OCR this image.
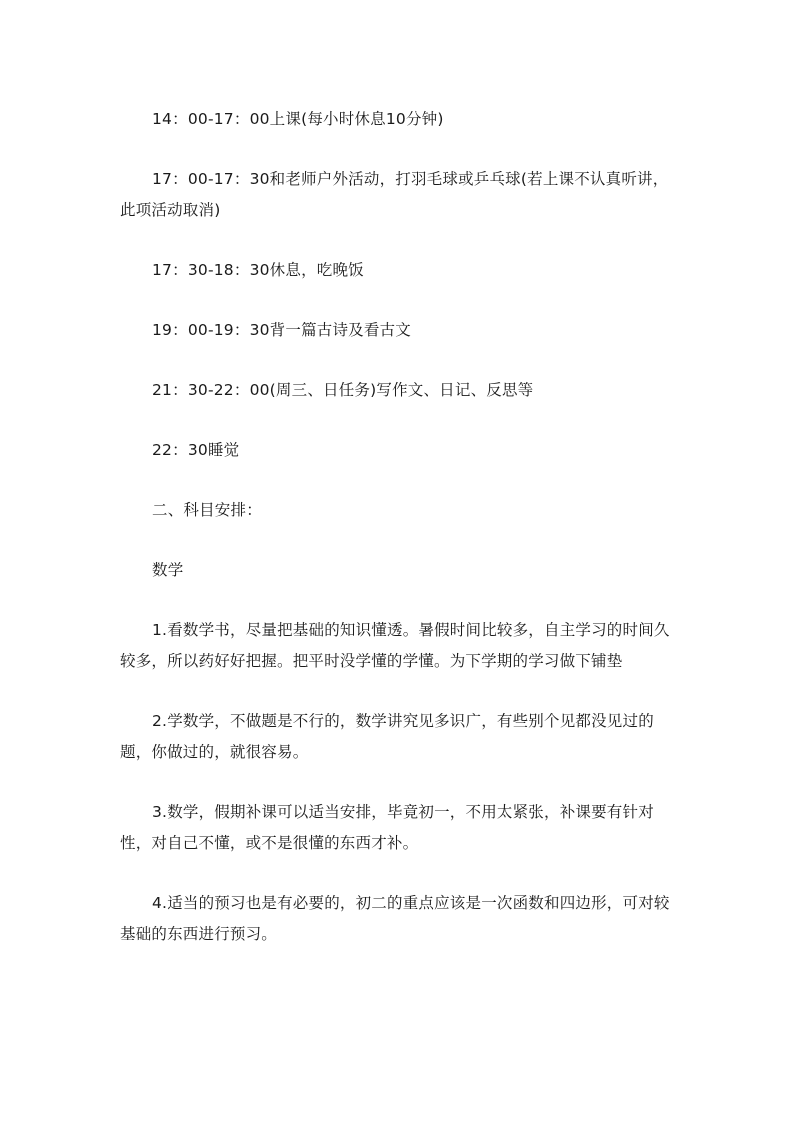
14：00-17：00上课(每小时休息10分钟)

17：00-17：30和老师户外活动，打羽毛球或乒乓球(若上课不认真听讲，此项活动取消)

17：30-18：30休息，吃晚饭

19：00-19：30背一篇古诗及看古文

21：30-22：00(周三、日任务)写作文、日记、反思等

22：30睡觉

二、科目安排：

数学

1.看数学书，尽量把基础的知识懂透。暑假时间比较多，自主学习的时间久较多，所以药好好把握。把平时没学懂的学懂。为下学期的学习做下铺垫

2.学数学，不做题是不行的，数学讲究见多识广，有些别个见都没见过的题，你做过的，就很容易。

3.数学，假期补课可以适当安排，毕竟初一，不用太紧张，补课要有针对性，对自己不懂，或不是很懂的东西才补。

4.适当的预习也是有必要的，初二的重点应该是一次函数和四边形，可对较基础的东西进行预习。
